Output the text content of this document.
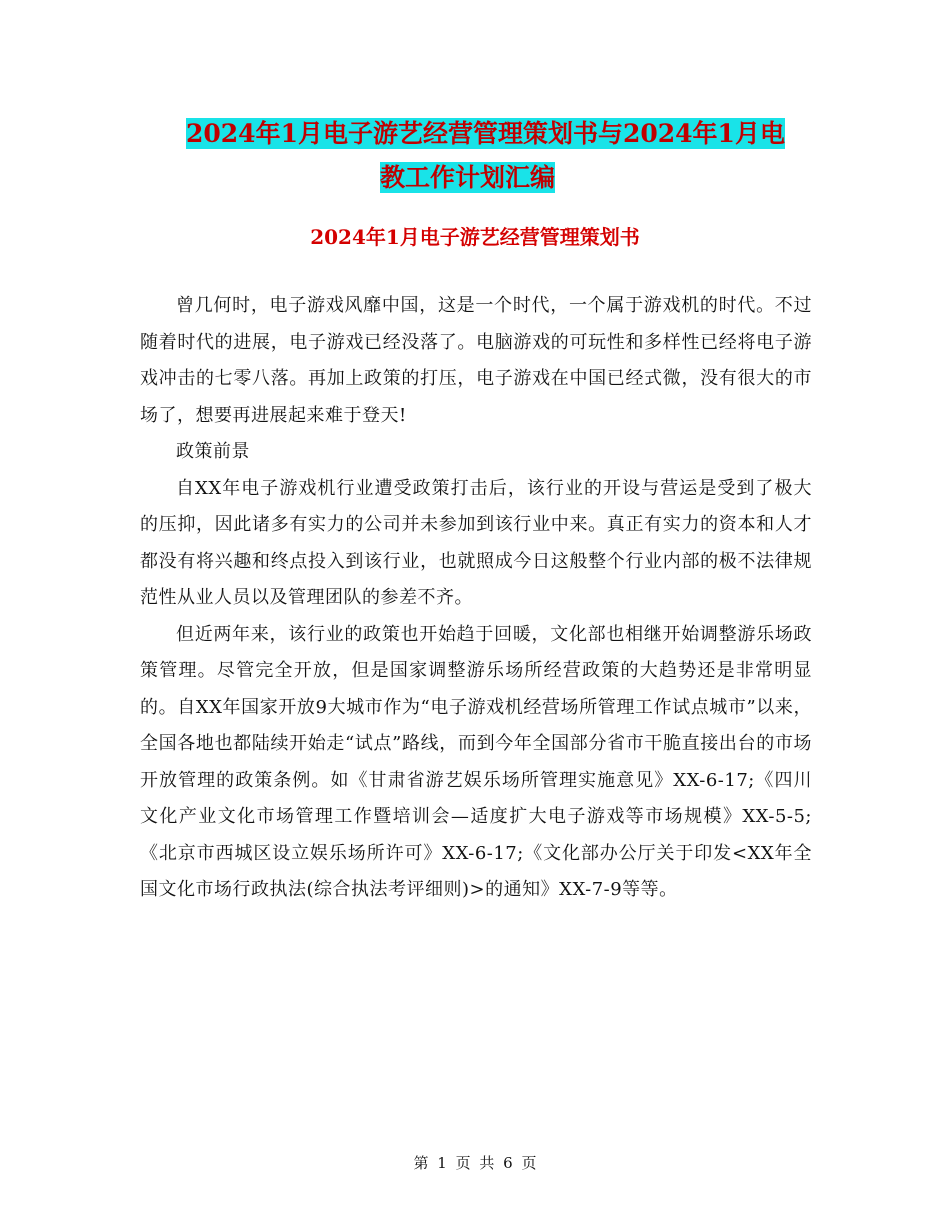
2024年1月电子游艺经营管理策划书与2024年1月电
教工作计划汇编
2024年1月电子游艺经营管理策划书

曾几何时，电子游戏风靡中国，这是一个时代，一个属于游戏机的时代。不过随着时代的进展，电子游戏已经没落了。电脑游戏的可玩性和多样性已经将电子游戏冲击的七零八落。再加上政策的打压，电子游戏在中国已经式微，没有很大的市场了，想要再进展起来难于登天!

政策前景

自XX年电子游戏机行业遭受政策打击后，该行业的开设与营运是受到了极大的压抑，因此诸多有实力的公司并未参加到该行业中来。真正有实力的资本和人才都没有将兴趣和终点投入到该行业，也就照成今日这般整个行业内部的极不法律规范性从业人员以及管理团队的参差不齐。

但近两年来，该行业的政策也开始趋于回暖，文化部也相继开始调整游乐场政策管理。尽管完全开放，但是国家调整游乐场所经营政策的大趋势还是非常明显的。自XX年国家开放9大城市作为“电子游戏机经营场所管理工作试点城市”以来，全国各地也都陆续开始走“试点”路线，而到今年全国部分省市干脆直接出台的市场开放管理的政策条例。如《甘肃省游艺娱乐场所管理实施意见》XX-6-17;《四川文化产业文化市场管理工作暨培训会—适度扩大电子游戏等市场规模》XX-5-5;《北京市西城区设立娱乐场所许可》XX-6-17;《文化部办公厅关于印发<XX年全国文化市场行政执法(综合执法考评细则)>的通知》XX-7-9等等。

第 1 页 共 6 页
